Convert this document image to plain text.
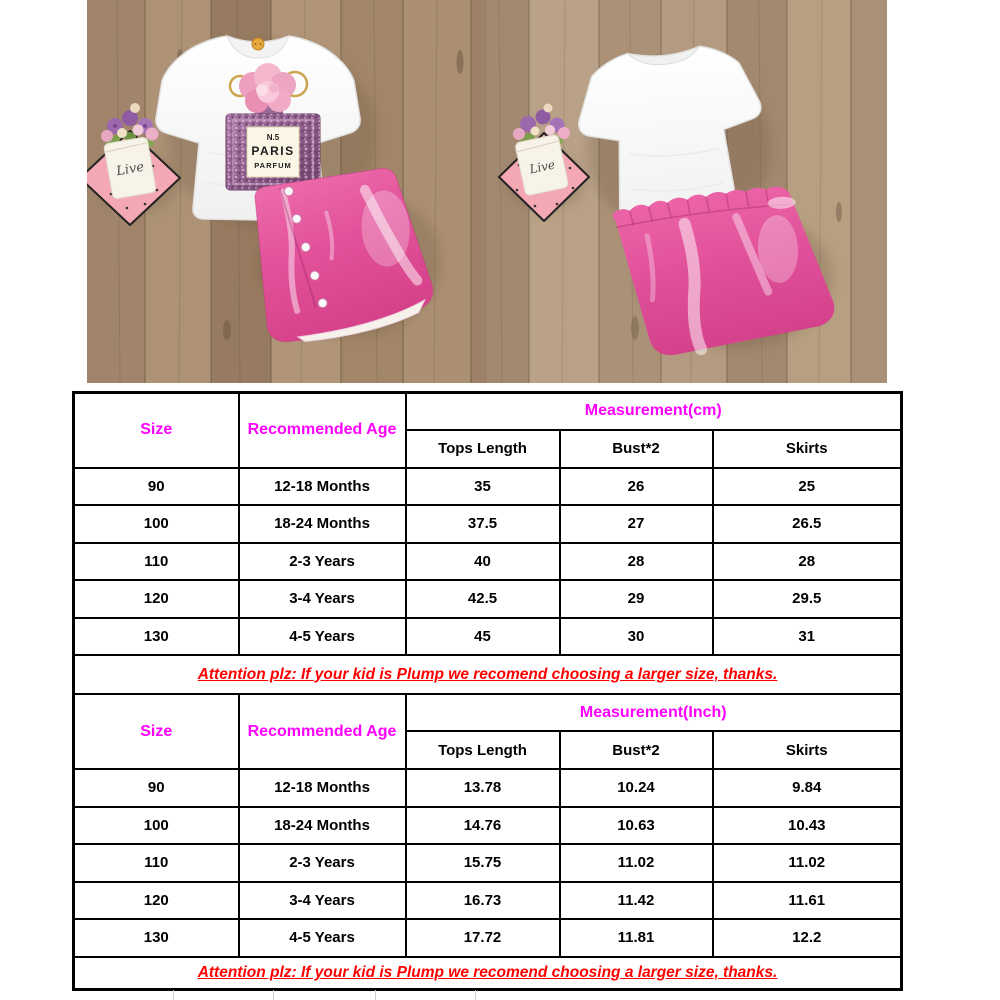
Live
N.5
PARIS
PARFUM
Live
Size	Recommended Age	Measurement(cm)		
		Tops Length	Bust*2	Skirts
90	12-18 Months	35	26	25
100	18-24 Months	37.5	27	26.5
110	2-3 Years	40	28	28
120	3-4 Years	42.5	29	29.5
130	4-5 Years	45	30	31
Attention plz: If your kid is Plump we recomend choosing a larger size, thanks.				
Size	Recommended Age	Measurement(Inch)		
		Tops Length	Bust*2	Skirts
90	12-18 Months	13.78	10.24	9.84
100	18-24 Months	14.76	10.63	10.43
110	2-3 Years	15.75	11.02	11.02
120	3-4 Years	16.73	11.42	11.61
130	4-5 Years	17.72	11.81	12.2
Attention plz: If your kid is Plump we recomend choosing a larger size, thanks.				
